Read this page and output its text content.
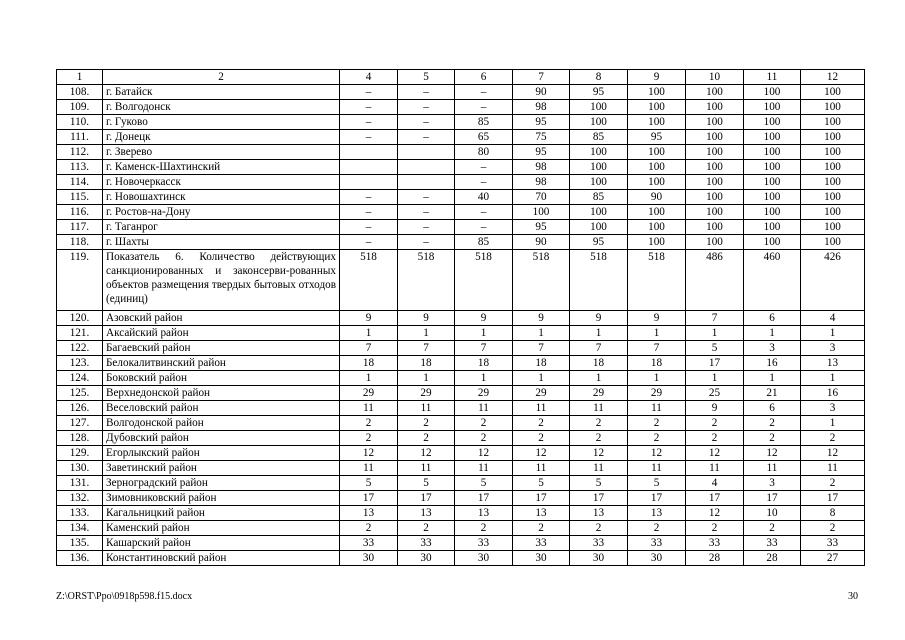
1	2	4	5	6	7	8	9	10	11	12
108.	г. Батайск	–	–	–	90	95	100	100	100	100
109.	г. Волгодонск	–	–	–	98	100	100	100	100	100
110.	г. Гуково	–	–	85	95	100	100	100	100	100
111.	г. Донецк	–	–	65	75	85	95	100	100	100
112.	г. Зверево			80	95	100	100	100	100	100
113.	г. Каменск-Шахтинский			–	98	100	100	100	100	100
114.	г. Новочеркасск			–	98	100	100	100	100	100
115.	г. Новошахтинск	–	–	40	70	85	90	100	100	100
116.	г. Ростов-на-Дону	–	–	–	100	100	100	100	100	100
117.	г. Таганрог	–	–	–	95	100	100	100	100	100
118.	г. Шахты	–	–	85	90	95	100	100	100	100
119.	Показатель 6. Количество действующих санкционированных и законсерви-рованных объектов размещения твердых бытовых отходов (единиц)	518	518	518	518	518	518	486	460	426
120.	Азовский район	9	9	9	9	9	9	7	6	4
121.	Аксайский район	1	1	1	1	1	1	1	1	1
122.	Багаевский район	7	7	7	7	7	7	5	3	3
123.	Белокалитвинский район	18	18	18	18	18	18	17	16	13
124.	Боковский район	1	1	1	1	1	1	1	1	1
125.	Верхнедонской район	29	29	29	29	29	29	25	21	16
126.	Веселовский район	11	11	11	11	11	11	9	6	3
127.	Волгодонской район	2	2	2	2	2	2	2	2	1
128.	Дубовский район	2	2	2	2	2	2	2	2	2
129.	Егорлыкский район	12	12	12	12	12	12	12	12	12
130.	Заветинский район	11	11	11	11	11	11	11	11	11
131.	Зерноградский район	5	5	5	5	5	5	4	3	2
132.	Зимовниковский район	17	17	17	17	17	17	17	17	17
133.	Кагальницкий район	13	13	13	13	13	13	12	10	8
134.	Каменский район	2	2	2	2	2	2	2	2	2
135.	Кашарский район	33	33	33	33	33	33	33	33	33
136.	Константиновский район	30	30	30	30	30	30	28	28	27
Z:\ORST\Ppo\0918p598.f15.docx	30
